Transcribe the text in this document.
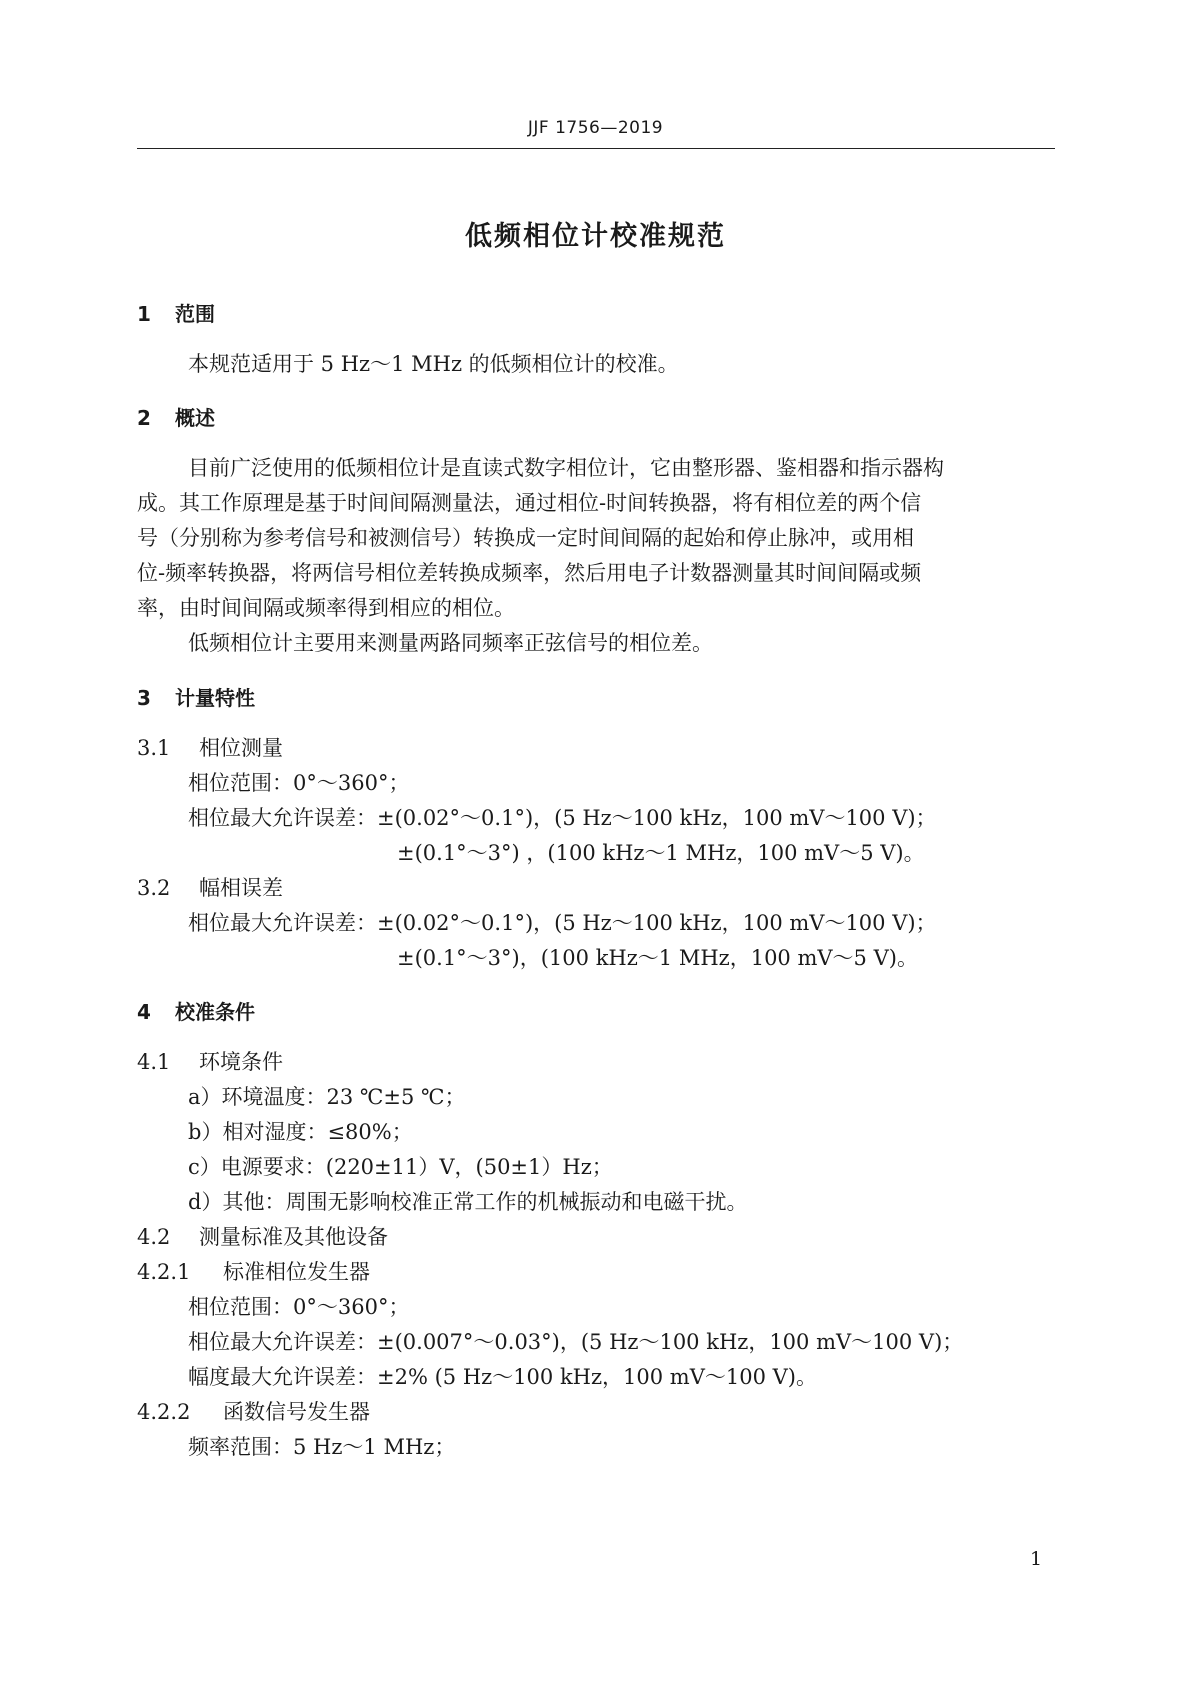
JJF 1756—2019
低频相位计校准规范
1 范围
本规范适用于 5 Hz～1 MHz 的低频相位计的校准。
2 概述
目前广泛使用的低频相位计是直读式数字相位计，它由整形器、鉴相器和指示器构
成。其工作原理是基于时间间隔测量法，通过相位-时间转换器，将有相位差的两个信
号（分别称为参考信号和被测信号）转换成一定时间间隔的起始和停止脉冲，或用相
位-频率转换器，将两信号相位差转换成频率，然后用电子计数器测量其时间间隔或频
率，由时间间隔或频率得到相应的相位。
低频相位计主要用来测量两路同频率正弦信号的相位差。
3 计量特性
3.1 相位测量
相位范围：0°～360°；
相位最大允许误差：±(0.02°～0.1°)，(5 Hz～100 kHz，100 mV～100 V)；
±(0.1°～3°) ，(100 kHz～1 MHz，100 mV～5 V)。
3.2 幅相误差
相位最大允许误差：±(0.02°～0.1°)，(5 Hz～100 kHz，100 mV～100 V)；
±(0.1°～3°)，(100 kHz～1 MHz，100 mV～5 V)。
4 校准条件
4.1 环境条件
a）环境温度：23 ℃±5 ℃；
b）相对湿度：≤80%；
c）电源要求：(220±11）V，(50±1）Hz；
d）其他：周围无影响校准正常工作的机械振动和电磁干扰。
4.2 测量标准及其他设备
4.2.1 标准相位发生器
相位范围：0°～360°；
相位最大允许误差：±(0.007°～0.03°)，(5 Hz～100 kHz，100 mV～100 V)；
幅度最大允许误差：±2% (5 Hz～100 kHz，100 mV～100 V)。
4.2.2 函数信号发生器
频率范围：5 Hz～1 MHz；
1
